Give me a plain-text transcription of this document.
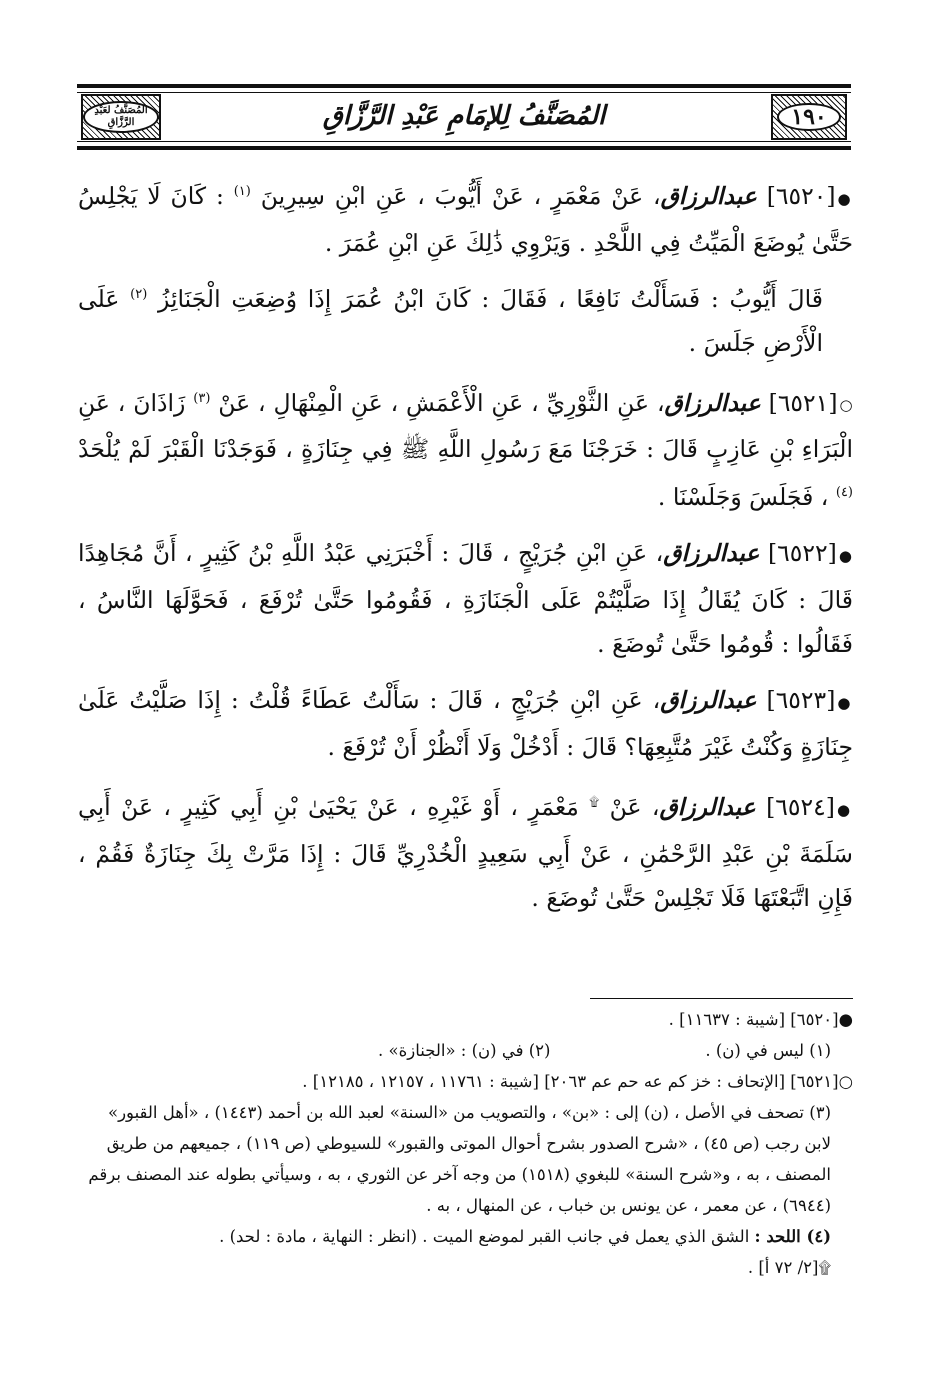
١٩٠
المُصَنَّفُ لِلإمَامِ عَبْدِ الرَّزَّاقِ
المُصَنَّفُ لعَبْدِ الرَّزَّاقِ

●[٦٥٢٠] عبدالرزاق، عَنْ مَعْمَرٍ ، عَنْ أَيُّوبَ ، عَنِ ابْنِ سِيرِينَ $^{(١)}$ : كَانَ لَا يَجْلِسُ حَتَّىٰ يُوضَعَ الْمَيِّتُ فِي اللَّحْدِ . وَيَرْوِي ذَٰلِكَ عَنِ ابْنِ عُمَرَ .

قَالَ أَيُّوبُ : فَسَأَلْتُ نَافِعًا ، فَقَالَ : كَانَ ابْنُ عُمَرَ إِذَا وُضِعَتِ الْجَنَائِزُ $^{(٢)}$ عَلَى الْأَرْضِ جَلَسَ .

○[٦٥٢١] عبدالرزاق، عَنِ الثَّوْرِيِّ ، عَنِ الْأَعْمَشِ ، عَنِ الْمِنْهَالِ ، عَنْ $^{(٣)}$ زَاذَانَ ، عَنِ الْبَرَاءِ بْنِ عَازِبٍ قَالَ : خَرَجْنَا مَعَ رَسُولِ اللَّهِ ﷺ فِي جِنَازَةٍ ، فَوَجَدْنَا الْقَبْرَ لَمْ يُلْحَدْ $^{(٤)}$ ، فَجَلَسَ وَجَلَسْنَا .

●[٦٥٢٢] عبدالرزاق، عَنِ ابْنِ جُرَيْجٍ ، قَالَ : أَخْبَرَنِي عَبْدُ اللَّهِ بْنُ كَثِيرٍ ، أَنَّ مُجَاهِدًا قَالَ : كَانَ يُقَالُ إِذَا صَلَّيْتُمْ عَلَى الْجَنَازَةِ ، فَقُومُوا حَتَّىٰ تُرْفَعَ ، فَحَوَّلَهَا النَّاسُ ، فَقَالُوا : قُومُوا حَتَّىٰ تُوضَعَ .

●[٦٥٢٣] عبدالرزاق، عَنِ ابْنِ جُرَيْجٍ ، قَالَ : سَأَلْتُ عَطَاءً قُلْتُ : إِذَا صَلَّيْتُ عَلَىٰ جِنَازَةٍ وَكُنْتُ غَيْرَ مُتَّبِعِهَا؟ قَالَ : أَدْخُلْ وَلَا أَنْظُرْ أَنْ تُرْفَعَ .

●[٦٥٢٤] عبدالرزاق، عَنْ ۩ مَعْمَرٍ ، أَوْ غَيْرِهِ ، عَنْ يَحْيَىٰ بْنِ أَبِي كَثِيرٍ ، عَنْ أَبِي سَلَمَةَ بْنِ عَبْدِ الرَّحْمَٰنِ ، عَنْ أَبِي سَعِيدٍ الْخُدْرِيِّ قَالَ : إِذَا مَرَّتْ بِكَ جِنَازَةٌ فَقُمْ ، فَإِنِ اتَّبَعْتَهَا فَلَا تَجْلِسْ حَتَّىٰ تُوضَعَ .

●[٦٥٢٠] [شيبة : ١١٦٣٧] .

(١) ليس في (ن) .
(٢) في (ن) : «الجنازة» .

○[٦٥٢١] [الإتحاف : خز كم عه حم عم ٢٠٦٣] [شيبة : ١١٧٦١ ، ١٢١٥٧ ، ١٢١٨٥] .

(٣) تصحف في الأصل ، (ن) إلى : «بن» ، والتصويب من «السنة» لعبد الله بن أحمد (١٤٤٣) ، «أهل القبور» لابن رجب (ص ٤٥) ، «شرح الصدور بشرح أحوال الموتى والقبور» للسيوطي (ص ١١٩) ، جميعهم من طريق المصنف ، به ، و«شرح السنة» للبغوي (١٥١٨) من وجه آخر عن الثوري ، به ، وسيأتي بطوله عند المصنف برقم (٦٩٤٤) ، عن معمر ، عن يونس بن خباب ، عن المنهال ، به .

(٤) اللحد : الشق الذي يعمل في جانب القبر لموضع الميت . (انظر : النهاية ، مادة : لحد) .

۩[٢/ ٧٢ أ] .
